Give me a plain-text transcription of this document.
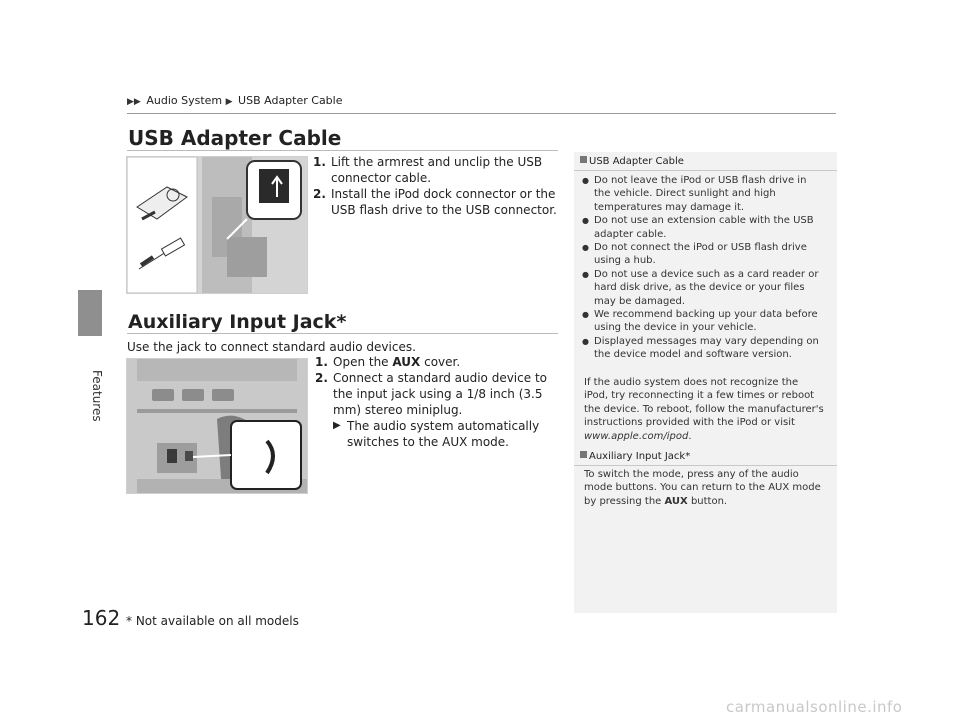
Features
▶▶ Audio System ▶ USB Adapter Cable
USB Adapter Cable
1. Lift the armrest and unclip the USB connector cable.
2. Install the iPod dock connector or the USB flash drive to the USB connector.
Auxiliary Input Jack*
Use the jack to connect standard audio devices.
1. Open the AUX cover.
2. Connect a standard audio device to the input jack using a 1/8 inch (3.5 mm) stereo miniplug.
▶ The audio system automatically switches to the AUX mode.
USB Adapter Cable
● Do not leave the iPod or USB flash drive in the vehicle. Direct sunlight and high temperatures may damage it.
● Do not use an extension cable with the USB adapter cable.
● Do not connect the iPod or USB flash drive using a hub.
● Do not use a device such as a card reader or hard disk drive, as the device or your files may be damaged.
● We recommend backing up your data before using the device in your vehicle.
● Displayed messages may vary depending on the device model and software version.

If the audio system does not recognize the iPod, try reconnecting it a few times or reboot the device. To reboot, follow the manufacturer's instructions provided with the iPod or visit www.apple.com/ipod.

Auxiliary Input Jack*

To switch the mode, press any of the audio mode buttons. You can return to the AUX mode by pressing the AUX button.

162 * Not available on all models
carmanualsonline.info
